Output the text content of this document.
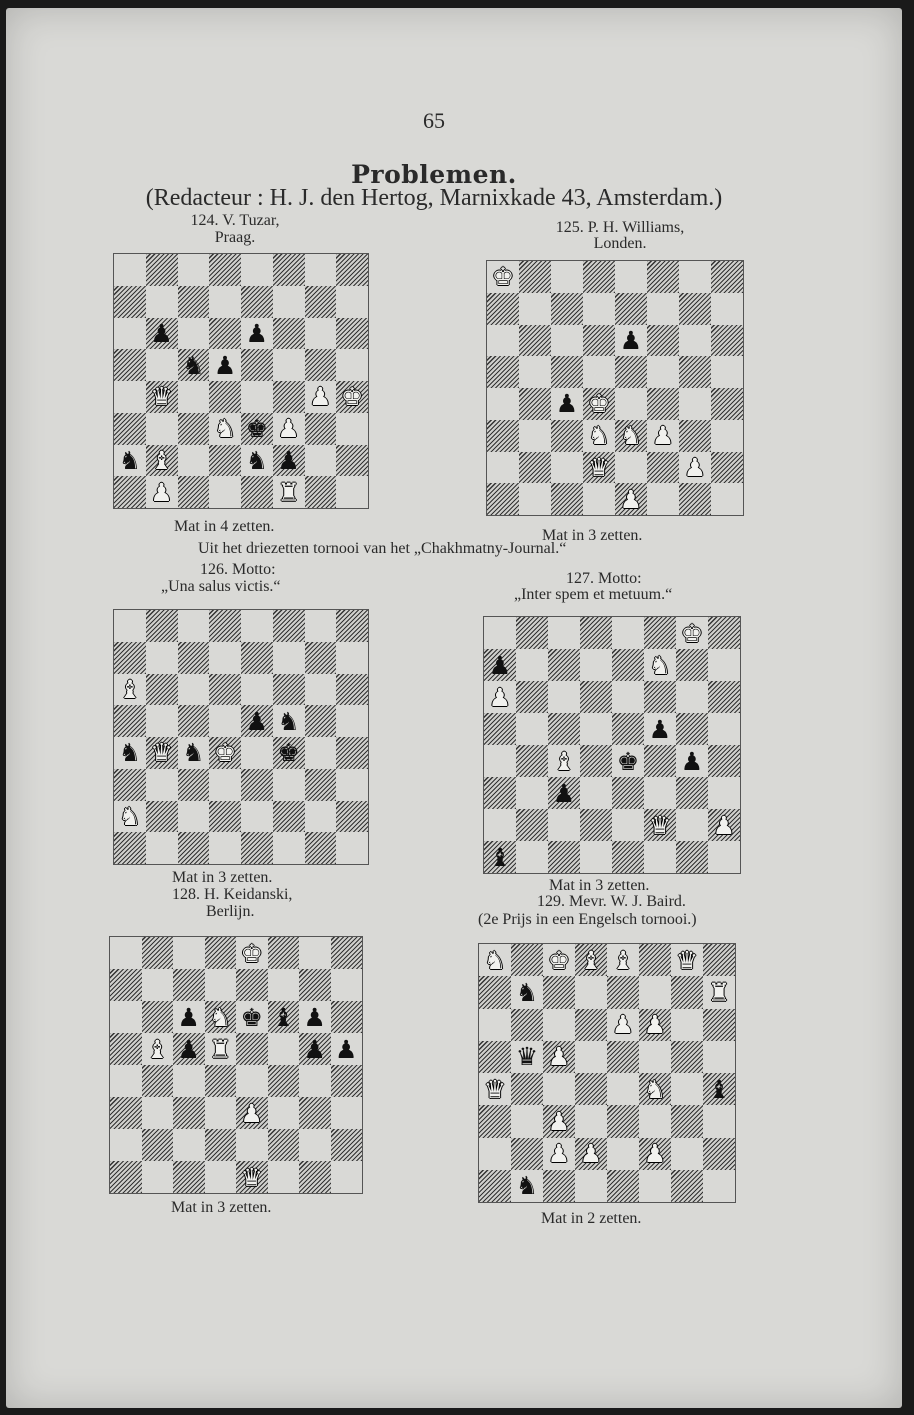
65
Problemen.
(Redacteur : H. J. den Hertog, Marnixkade 43, Amsterdam.)
124. V. Tuzar,
Praag.
♞
♟
♞ ♟
♟
♛	♟ ♚
♞ ♚ ♟
♝	♞ ♟
♟	♜
Mat in 4 zetten.
125. P. H. Williams,
Londen.
♚
♟
♟ ♚
♞ ♞ ♟
♛	♟
♟
Mat in 3 zetten.
Uit het driezetten tornooi van het „Chakhmatny-Journal.“
126. Motto:
„Una salus victis.“
♝
♟ ♞
♞ ♛ ♞ ♚ ♚
♞
Mat in 3 zetten.
127. Motto:
„Inter spem et metuum.“
♚
♟	♞
♟
♟
♝ ♚ ♟
♟
♛ ♟
♝
Mat in 3 zetten.
128. H. Keidanski,
Berlijn.
♚
♟ ♞ ♚ ♝ ♟
♝ ♟ ♜	♟ ♟
♟
♛
Mat in 3 zetten.
129. Mevr. W. J. Baird.
(2e Prijs in een Engelsch tornooi.)
♞ ♚ ♝ ♝ ♛
♞	♜
♟ ♟
♛ ♟
♛	♞ ♝
♟
♟ ♟ ♟
♞
Mat in 2 zetten.
